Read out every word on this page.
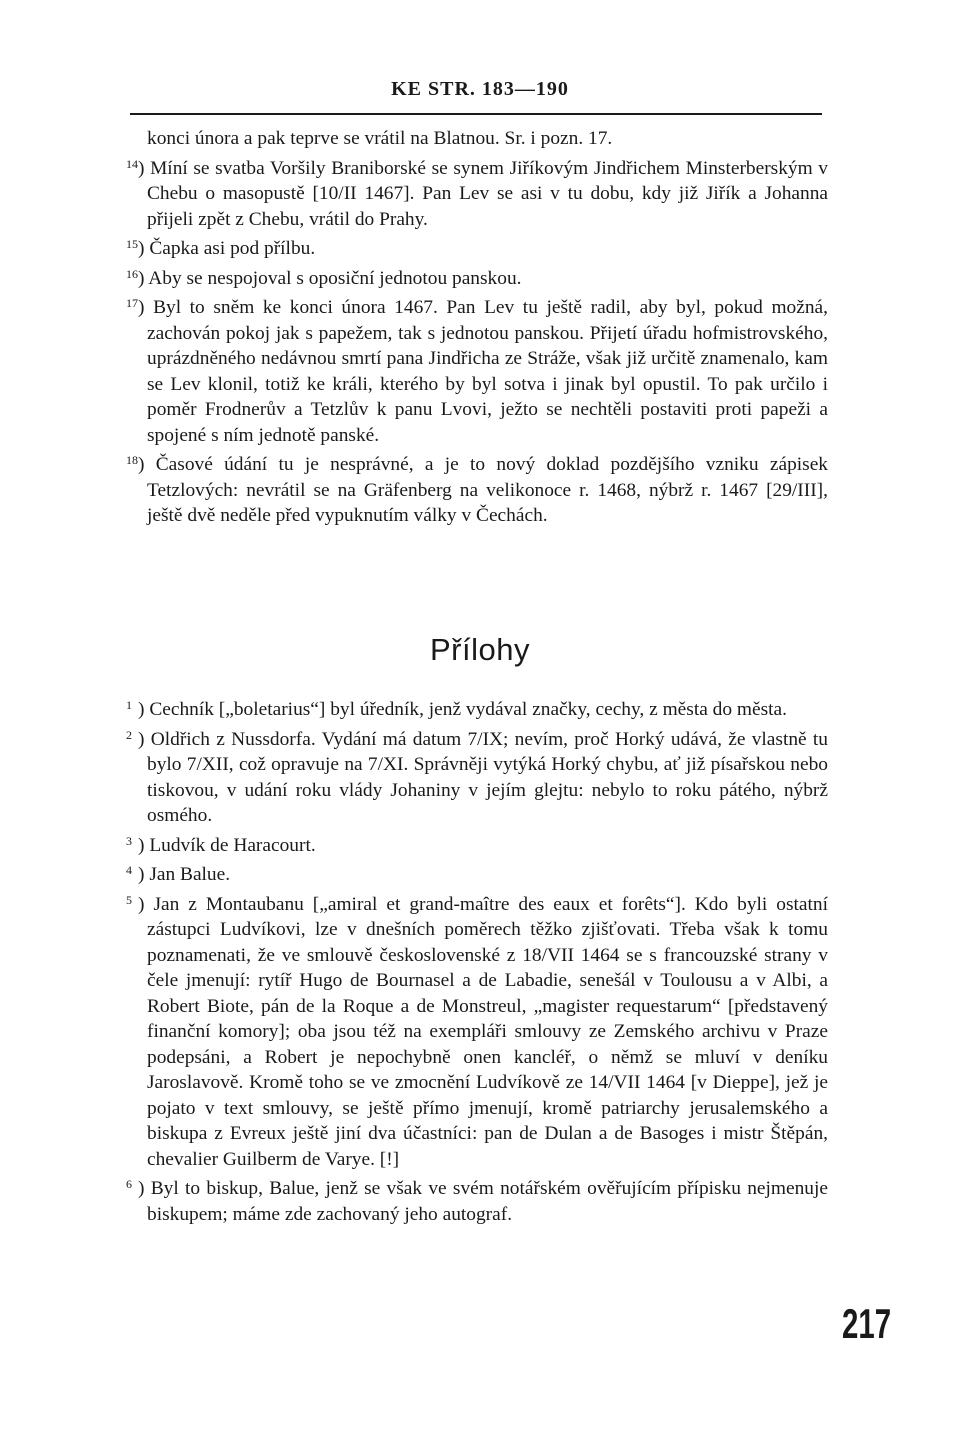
KE STR. 183—190
konci února a pak teprve se vrátil na Blatnou. Sr. i pozn. 17.
$^{14}$) Míní se svatba Voršily Braniborské se synem Jiříkovým Jindřichem Minsterberským v Chebu o masopustě [10/II 1467]. Pan Lev se asi v tu dobu, kdy již Jiřík a Johanna přijeli zpět z Chebu, vrátil do Prahy.
$^{15}$) Čapka asi pod přílbu.
$^{16}$) Aby se nespojoval s oposiční jednotou panskou.
$^{17}$) Byl to sněm ke konci února 1467. Pan Lev tu ještě radil, aby byl, pokud možná, zachován pokoj jak s papežem, tak s jednotou panskou. Přijetí úřadu hofmistrovského, uprázdněného nedávnou smrtí pana Jindřicha ze Stráže, však již určitě znamenalo, kam se Lev klonil, totiž ke králi, kterého by byl sotva i jinak byl opustil. To pak určilo i poměr Frodnerův a Tetzlův k panu Lvovi, ježto se nechtěli postaviti proti papeži a spojené s ním jednotě panské.
$^{18}$) Časové údání tu je nesprávné, a je to nový doklad pozdějšího vzniku zápisek Tetzlových: nevrátil se na Gräfenberg na velikonoce r. 1468, nýbrž r. 1467 [29/III], ještě dvě neděle před vypuknutím války v Čechách.
Přílohy
$^1$ ) Cechník [„boletarius“] byl úředník, jenž vydával značky, cechy, z města do města.
$^2$ ) Oldřich z Nussdorfa. Vydání má datum 7/IX; nevím, proč Horký udává, že vlastně tu bylo 7/XII, což opravuje na 7/XI. Správněji vytýká Horký chybu, ať již písařskou nebo tiskovou, v udání roku vlády Johaniny v jejím glejtu: nebylo to roku pátého, nýbrž osmého.
$^3$ ) Ludvík de Haracourt.
$^4$ ) Jan Balue.
$^5$ ) Jan z Montaubanu [„amiral et grand-maître des eaux et forêts“]. Kdo byli ostatní zástupci Ludvíkovi, lze v dnešních poměrech těžko zjišťovati. Třeba však k tomu poznamenati, že ve smlouvě československé z 18/VII 1464 se s francouzské strany v čele jmenují: rytíř Hugo de Bournasel a de Labadie, senešál v Toulousu a v Albi, a Robert Biote, pán de la Roque a de Monstreul, „magister requestarum“ [představený finanční komory]; oba jsou též na exempláři smlouvy ze Zemského archivu v Praze podepsáni, a Robert je nepochybně onen kancléř, o němž se mluví v deníku Jaroslavově. Kromě toho se ve zmocnění Ludvíkově ze 14/VII 1464 [v Dieppe], jež je pojato v text smlouvy, se ještě přímo jmenují, kromě patriarchy jerusalemského a biskupa z Evreux ještě jiní dva účastníci: pan de Dulan a de Basoges i mistr Štěpán, chevalier Guilberm de Varye. [!]
$^6$ ) Byl to biskup, Balue, jenž se však ve svém notářském ověřujícím přípisku nejmenuje biskupem; máme zde zachovaný jeho autograf.
217
